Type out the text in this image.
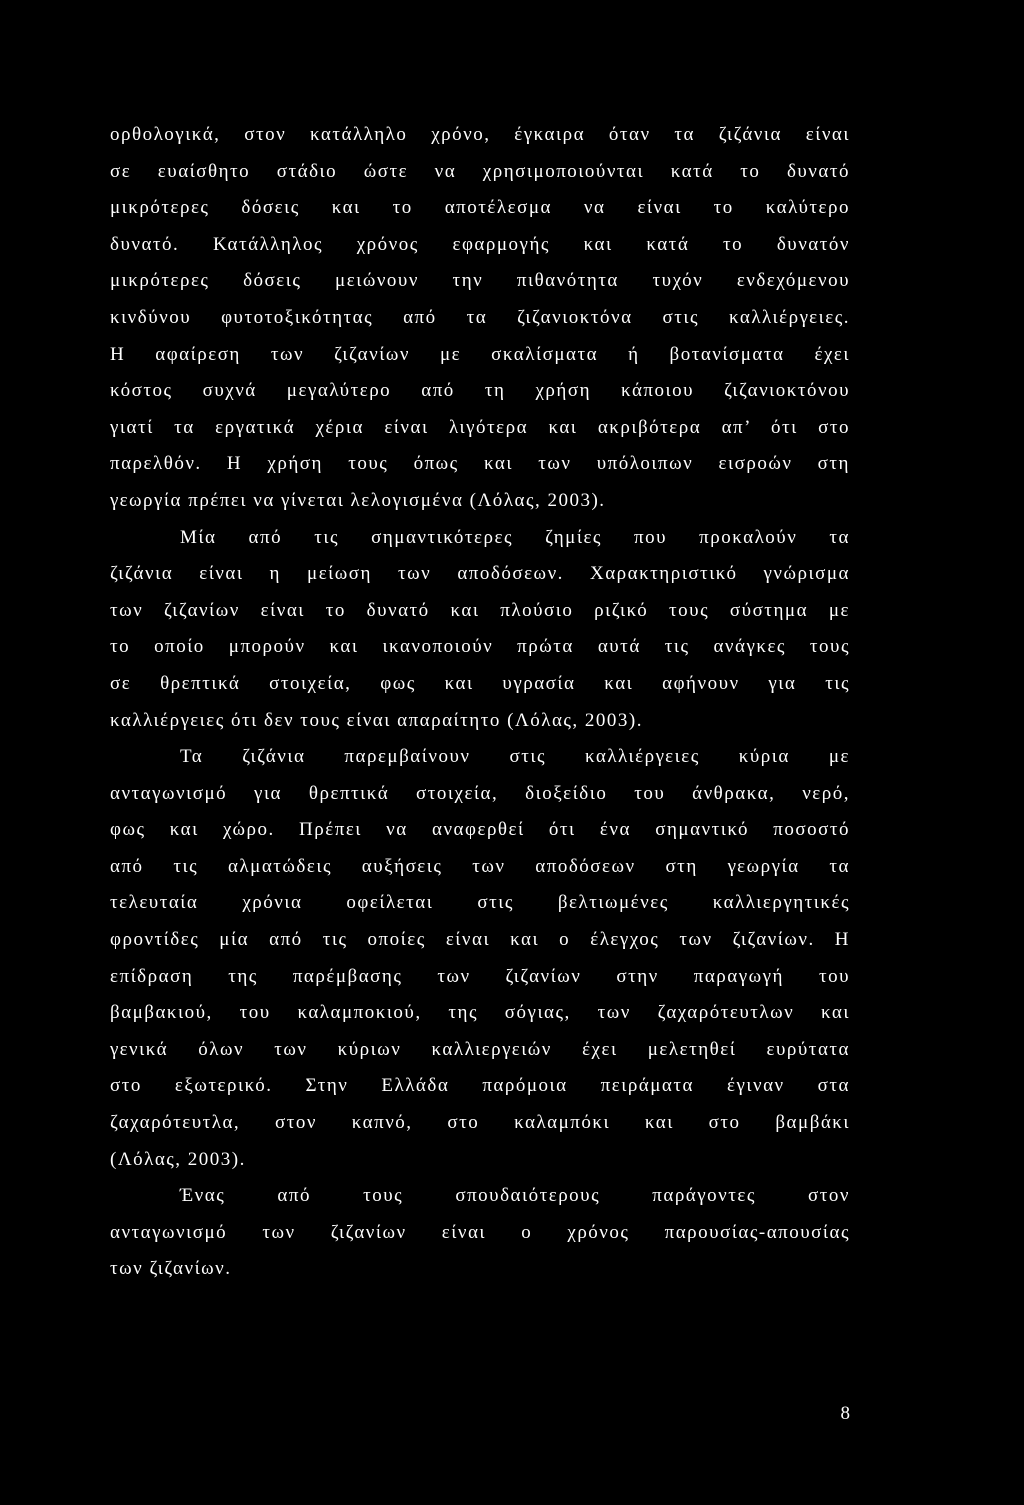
ορθολογικά, στον κατάλληλο χρόνο, έγκαιρα όταν τα ζιζάνια είναι
σε ευαίσθητο στάδιο ώστε να χρησιμοποιούνται κατά το δυνατό
μικρότερες δόσεις και το αποτέλεσμα να είναι το καλύτερο
δυνατό. Κατάλληλος χρόνος εφαρμογής και κατά το δυνατόν
μικρότερες δόσεις μειώνουν την πιθανότητα τυχόν ενδεχόμενου
κινδύνου φυτοτοξικότητας από τα ζιζανιοκτόνα στις καλλιέργειες.
Η αφαίρεση των ζιζανίων με σκαλίσματα ή βοτανίσματα έχει
κόστος συχνά μεγαλύτερο από τη χρήση κάποιου ζιζανιοκτόνου
γιατί τα εργατικά χέρια είναι λιγότερα και ακριβότερα απ’ ότι στο
παρελθόν. Η χρήση τους όπως και των υπόλοιπων εισροών στη
γεωργία πρέπει να γίνεται λελογισμένα (Λόλας, 2003).
Μία από τις σημαντικότερες ζημίες που προκαλούν τα
ζιζάνια είναι η μείωση των αποδόσεων. Χαρακτηριστικό γνώρισμα
των ζιζανίων είναι το δυνατό και πλούσιο ριζικό τους σύστημα με
το οποίο μπορούν και ικανοποιούν πρώτα αυτά τις ανάγκες τους
σε θρεπτικά στοιχεία, φως και υγρασία και αφήνουν για τις
καλλιέργειες ότι δεν τους είναι απαραίτητο (Λόλας, 2003).
Τα ζιζάνια παρεμβαίνουν στις καλλιέργειες κύρια με
ανταγωνισμό για θρεπτικά στοιχεία, διοξείδιο του άνθρακα, νερό,
φως και χώρο. Πρέπει να αναφερθεί ότι ένα σημαντικό ποσοστό
από τις αλματώδεις αυξήσεις των αποδόσεων στη γεωργία τα
τελευταία χρόνια οφείλεται στις βελτιωμένες καλλιεργητικές
φροντίδες μία από τις οποίες είναι και ο έλεγχος των ζιζανίων. Η
επίδραση της παρέμβασης των ζιζανίων στην παραγωγή του
βαμβακιού, του καλαμποκιού, της σόγιας, των ζαχαρότευτλων και
γενικά όλων των κύριων καλλιεργειών έχει μελετηθεί ευρύτατα
στο εξωτερικό. Στην Ελλάδα παρόμοια πειράματα έγιναν στα
ζαχαρότευτλα, στον καπνό, στο καλαμπόκι και στο βαμβάκι
(Λόλας, 2003).
Ένας από τους σπουδαιότερους παράγοντες στον
ανταγωνισμό των ζιζανίων είναι ο χρόνος παρουσίας-απουσίας
των ζιζανίων.
8
